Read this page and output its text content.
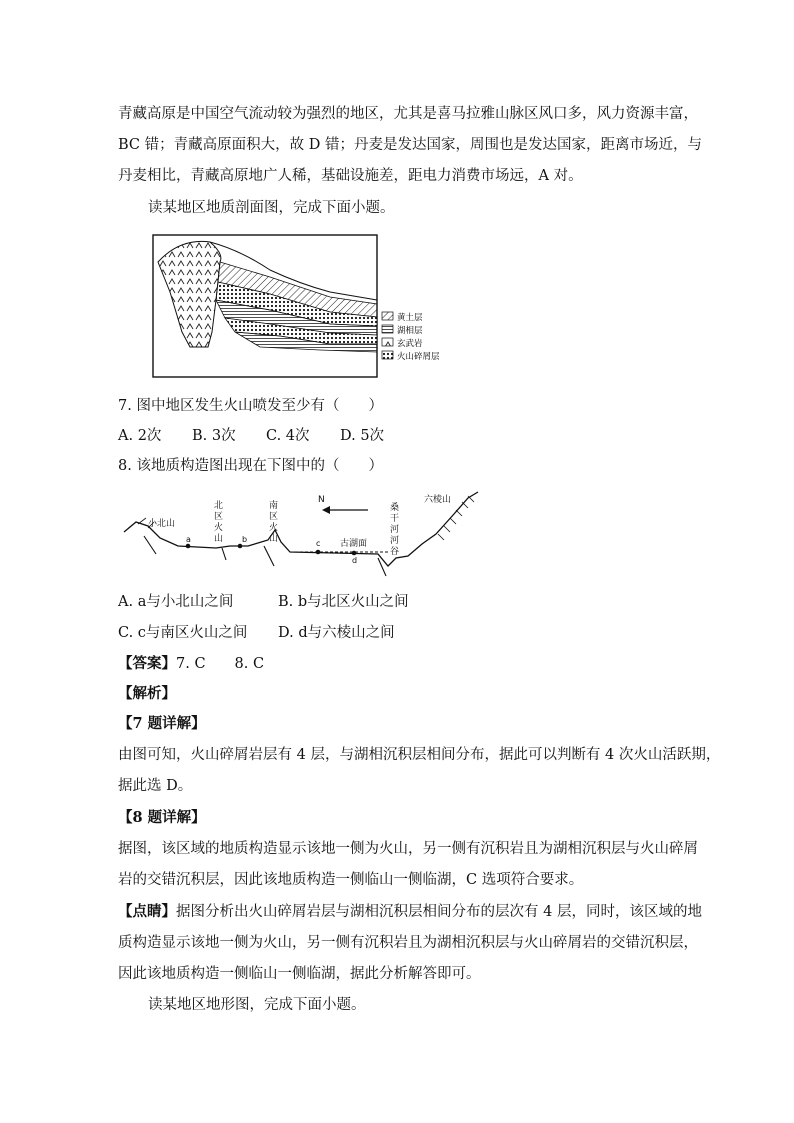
青藏高原是中国空气流动较为强烈的地区，尤其是喜马拉雅山脉区风口多，风力资源丰富，
BC 错；青藏高原面积大，故 D 错；丹麦是发达国家，周围也是发达国家，距离市场近，与
丹麦相比，青藏高原地广人稀，基础设施差，距电力消费市场远，A 对。
读某地区地质剖面图，完成下面小题。
黄土层
湖相层
玄武岩
火山碎屑层
7. 图中地区发生火山喷发至少有（　　）
A. 2次 B. 3次 C. 4次 D. 5次
8. 该地质构造图出现在下图中的（　　）
小北山
北
区
火
山
南
区
火
山
N
桑
干
河
河
谷
六棱山
古湖面
a	b	c
d
A. a与小北山之间	B. b与北区火山之间
C. c与南区火山之间 D. d与六棱山之间
【答案】7. C　　8. C
【解析】
【7 题详解】
由图可知，火山碎屑岩层有 4 层，与湖相沉积层相间分布，据此可以判断有 4 次火山活跃期，
据此选 D。
【8 题详解】
据图，该区域的地质构造显示该地一侧为火山，另一侧有沉积岩且为湖相沉积层与火山碎屑
岩的交错沉积层，因此该地质构造一侧临山一侧临湖，C 选项符合要求。
【点睛】据图分析出火山碎屑岩层与湖相沉积层相间分布的层次有 4 层，同时，该区域的地
质构造显示该地一侧为火山，另一侧有沉积岩且为湖相沉积层与火山碎屑岩的交错沉积层，
因此该地质构造一侧临山一侧临湖，据此分析解答即可。
读某地区地形图，完成下面小题。
